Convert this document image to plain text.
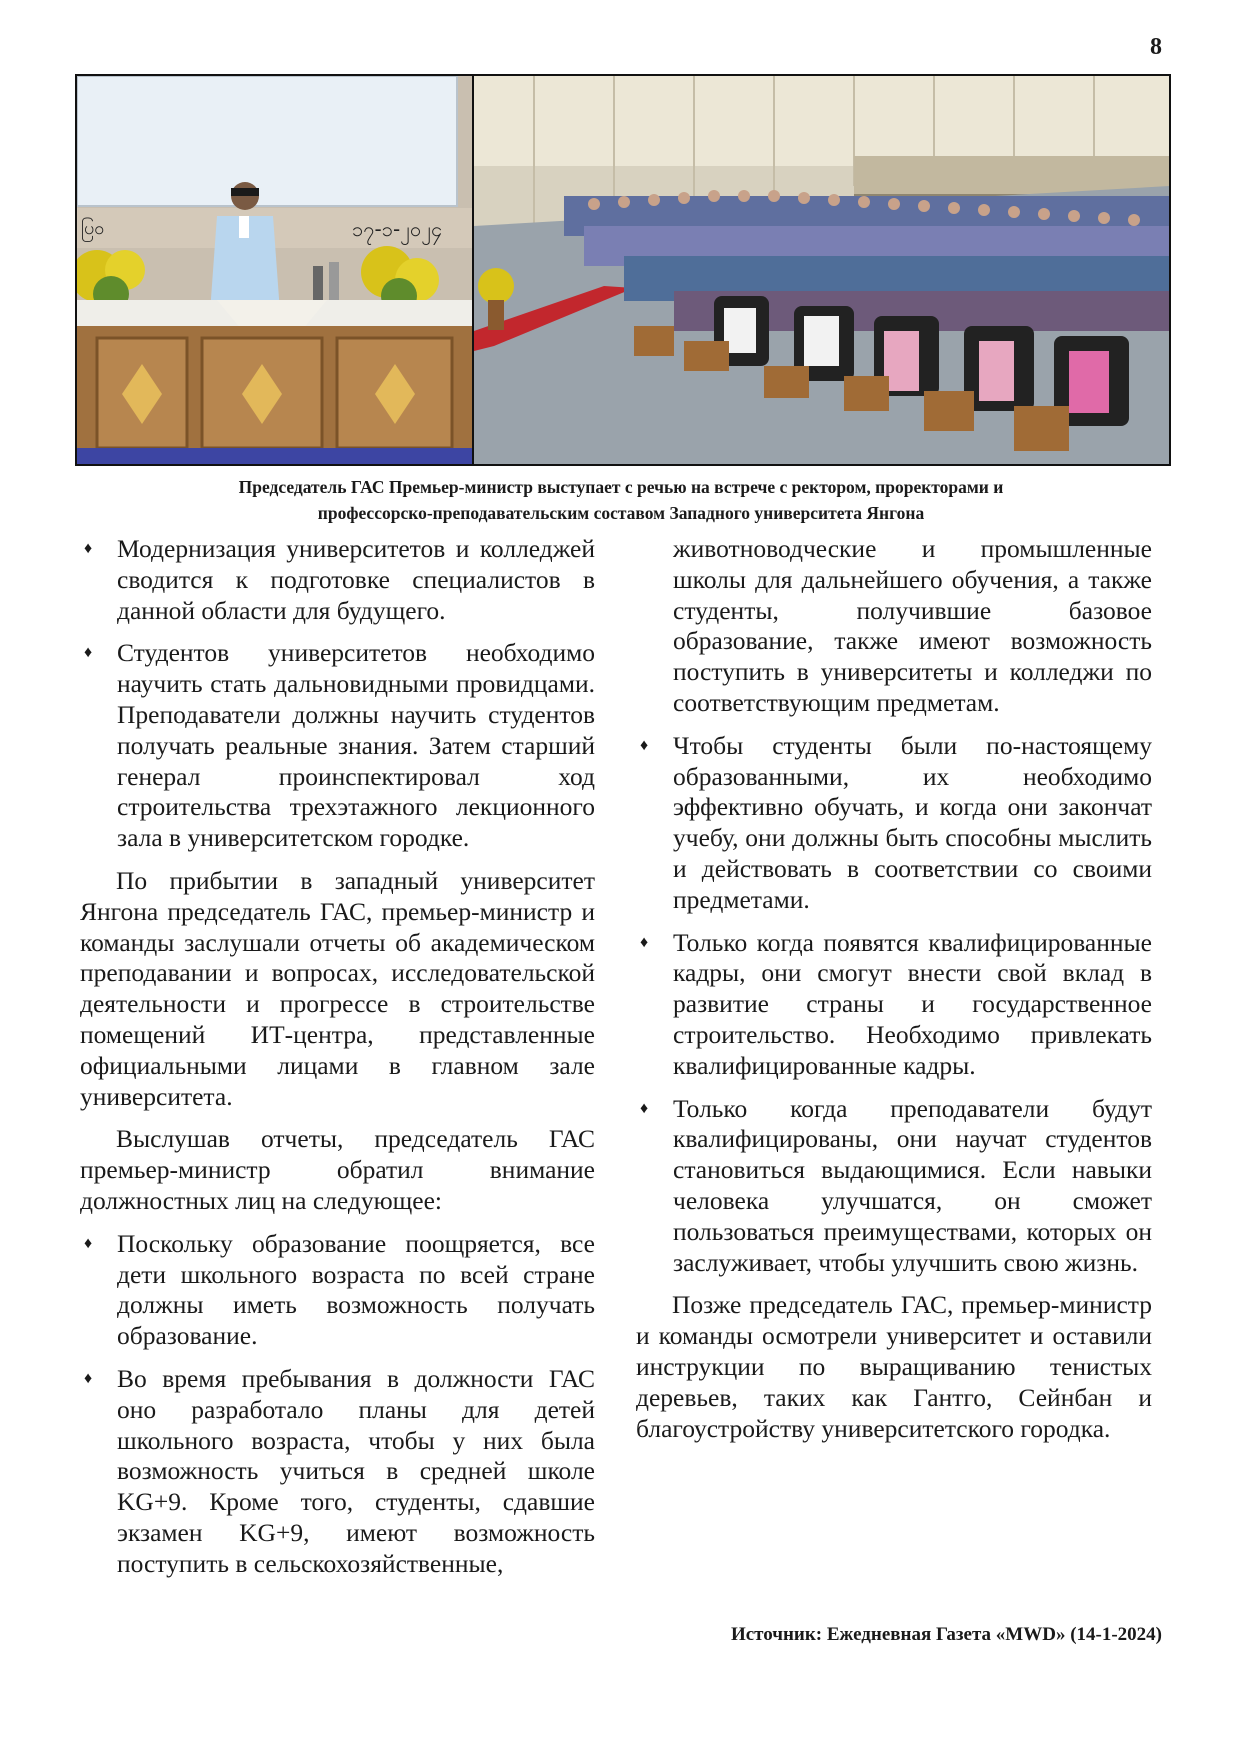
8
ပြ၀	၁၇-၁-၂၀၂၄
Председатель ГАС Премьер-министр выступает с речью на встрече с ректором, проректорами и
профессорско-преподавательским составом Западного университета Янгона
♦ Модернизация университетов и колледжей сводится к подготовке специалистов в данной области для будущего.
♦ Студентов университетов необходимо научить стать дальновидными провидцами. Преподаватели должны научить студентов получать реальные знания. Затем старший генерал проинспектировал ход строительства трехэтажного лекционного зала в университетском городке.

По прибытии в западный университет Янгона председатель ГАС, премьер-министр и команды заслушали отчеты об академическом преподавании и вопросах, исследовательской деятельности и прогрессе в строительстве помещений ИТ-центра, представленные официальными лицами в главном зале университета.

Выслушав отчеты, председатель ГАС премьер-министр обратил внимание должностных лиц на следующее:

♦ Поскольку образование поощряется, все дети школьного возраста по всей стране должны иметь возможность получать образование.
♦ Во время пребывания в должности ГАС оно разработало планы для детей школьного возраста, чтобы у них была возможность учиться в средней школе KG+9. Кроме того, студенты, сдавшие экзамен KG+9, имеют возможность поступить в сельскохозяйственные,
животноводческие и промышленные школы для дальнейшего обучения, а также студенты, получившие базовое образование, также имеют возможность поступить в университеты и колледжи по соответствующим предметам.
♦ Чтобы студенты были по-настоящему образованными, их необходимо эффективно обучать, и когда они закончат учебу, они должны быть способны мыслить и действовать в соответствии со своими предметами.
♦ Только когда появятся квалифицированные кадры, они смогут внести свой вклад в развитие страны и государственное строительство. Необходимо привлекать квалифицированные кадры.
♦ Только когда преподаватели будут квалифицированы, они научат студентов становиться выдающимися. Если навыки человека улучшатся, он сможет пользоваться преимуществами, которых он заслуживает, чтобы улучшить свою жизнь.

Позже председатель ГАС, премьер-министр и команды осмотрели университет и оставили инструкции по выращиванию тенистых деревьев, таких как Гантго, Сейнбан и благоустройству университетского городка.

Источник: Ежедневная Газета «MWD» (14-1-2024)
